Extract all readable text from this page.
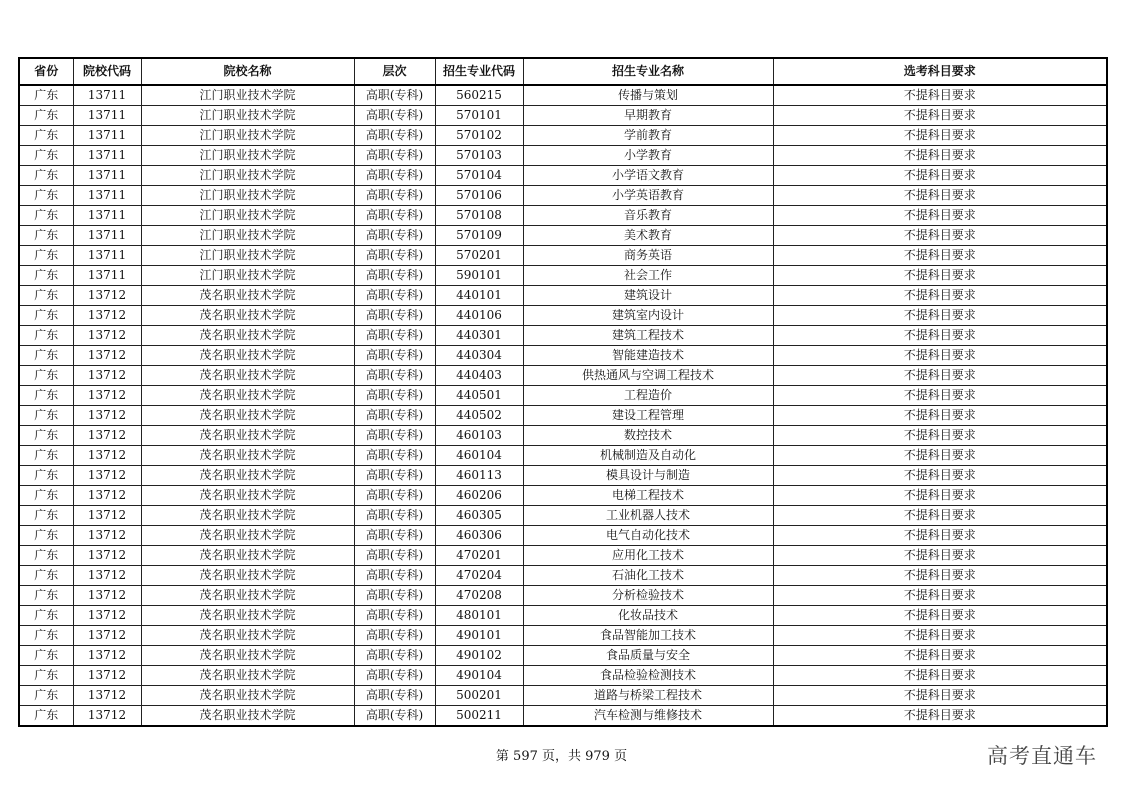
省份	院校代码	院校名称	层次	招生专业代码	招生专业名称	选考科目要求
广东	13711	江门职业技术学院	高职(专科)	560215	传播与策划	不提科目要求
广东	13711	江门职业技术学院	高职(专科)	570101	早期教育	不提科目要求
广东	13711	江门职业技术学院	高职(专科)	570102	学前教育	不提科目要求
广东	13711	江门职业技术学院	高职(专科)	570103	小学教育	不提科目要求
广东	13711	江门职业技术学院	高职(专科)	570104	小学语文教育	不提科目要求
广东	13711	江门职业技术学院	高职(专科)	570106	小学英语教育	不提科目要求
广东	13711	江门职业技术学院	高职(专科)	570108	音乐教育	不提科目要求
广东	13711	江门职业技术学院	高职(专科)	570109	美术教育	不提科目要求
广东	13711	江门职业技术学院	高职(专科)	570201	商务英语	不提科目要求
广东	13711	江门职业技术学院	高职(专科)	590101	社会工作	不提科目要求
广东	13712	茂名职业技术学院	高职(专科)	440101	建筑设计	不提科目要求
广东	13712	茂名职业技术学院	高职(专科)	440106	建筑室内设计	不提科目要求
广东	13712	茂名职业技术学院	高职(专科)	440301	建筑工程技术	不提科目要求
广东	13712	茂名职业技术学院	高职(专科)	440304	智能建造技术	不提科目要求
广东	13712	茂名职业技术学院	高职(专科)	440403	供热通风与空调工程技术	不提科目要求
广东	13712	茂名职业技术学院	高职(专科)	440501	工程造价	不提科目要求
广东	13712	茂名职业技术学院	高职(专科)	440502	建设工程管理	不提科目要求
广东	13712	茂名职业技术学院	高职(专科)	460103	数控技术	不提科目要求
广东	13712	茂名职业技术学院	高职(专科)	460104	机械制造及自动化	不提科目要求
广东	13712	茂名职业技术学院	高职(专科)	460113	模具设计与制造	不提科目要求
广东	13712	茂名职业技术学院	高职(专科)	460206	电梯工程技术	不提科目要求
广东	13712	茂名职业技术学院	高职(专科)	460305	工业机器人技术	不提科目要求
广东	13712	茂名职业技术学院	高职(专科)	460306	电气自动化技术	不提科目要求
广东	13712	茂名职业技术学院	高职(专科)	470201	应用化工技术	不提科目要求
广东	13712	茂名职业技术学院	高职(专科)	470204	石油化工技术	不提科目要求
广东	13712	茂名职业技术学院	高职(专科)	470208	分析检验技术	不提科目要求
广东	13712	茂名职业技术学院	高职(专科)	480101	化妆品技术	不提科目要求
广东	13712	茂名职业技术学院	高职(专科)	490101	食品智能加工技术	不提科目要求
广东	13712	茂名职业技术学院	高职(专科)	490102	食品质量与安全	不提科目要求
广东	13712	茂名职业技术学院	高职(专科)	490104	食品检验检测技术	不提科目要求
广东	13712	茂名职业技术学院	高职(专科)	500201	道路与桥梁工程技术	不提科目要求
广东	13712	茂名职业技术学院	高职(专科)	500211	汽车检测与维修技术	不提科目要求
第 597 页，共 979 页	高考直通车
